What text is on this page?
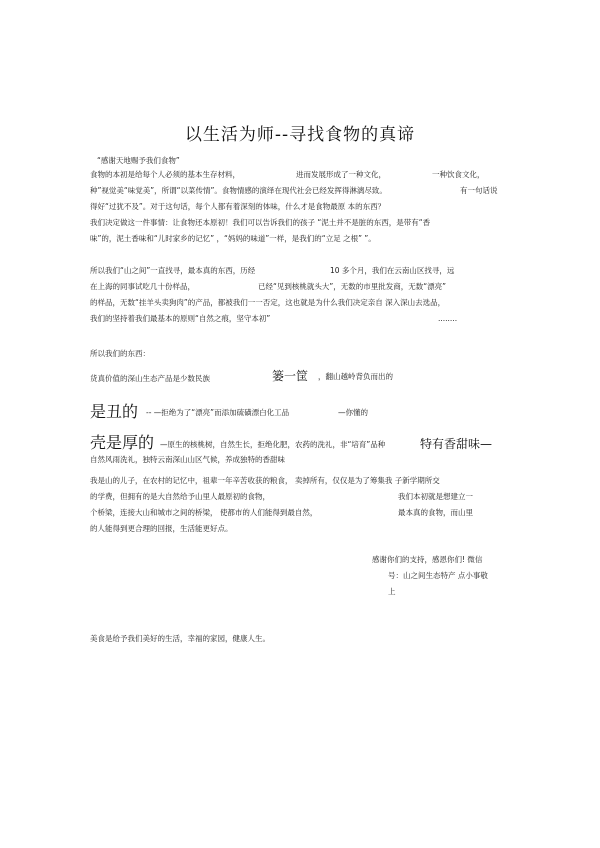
以生活为师--寻找食物的真谛
“感谢天地赐予我们食物”
食物的本初是给每个人必须的基本生存材料，	进而发展形成了一种文化，	一种饮食文化，
种”视觉美“味觉美”，所谓“以菜传情”。食物情感的演绎在现代社会已经发挥得淋漓尽致。	有一句话说
得好“过犹不及”。对于这句话，每个人都有着深刻的体味，什么才是食物最原 本的东西？
我们决定做这一件事情：让食物还本原初！我们可以告诉我们的孩子 “泥土并不是脏的东西，是带有“香
味”的，泥土香味和“儿时家乡的记忆” ，“妈妈的味道”一样，是我们的“立足 之根” ”。
所以我们“山之间”一直找寻，最本真的东西，历经	10 多个月，我们在云南山区找寻，远
在上海的同事试吃几十份样品，	已经“见到核桃就头大”，无数的市里批发商，无数“漂亮”
的样品，无数“挂羊头卖狗肉”的产品，都被我们一一否定，这也就是为什么我们决定亲自 深入深山去选品，
我们的坚持着我们最基本的原则“自然之痕，坚守本初”	........
所以我们的东西：
货真价值的深山生态产品是少数民族	篓一筐 ，翻山越岭背负而出的
是丑的 -- —拒绝为了“漂亮”而添加硫磺漂白化工品	—你懂的
壳是厚的 —原生的核桃树，自然生长，拒绝化肥，农药的洗礼，非“培育”品种	特有香甜味—
自然风雨洗礼，独特云南深山山区气候，养成独特的香甜味
我是山的儿子，在农村的记忆中，祖辈一年辛苦收获的粮食， 卖掉所有，仅仅是为了筹集我 子新学期所交
的学费，但拥有的是大自然给予山里人最原初的食物，	我们本初就是想建立一
个桥梁，连接大山和城市之间的桥梁， 使都市的人们能得到最自然，	最本真的食物，而山里
的人能得到更合理的回报，生活能更好点。
感谢你们的支持，感恩你们! 微信
号：山之间生态特产 点小事敬
上
美食是给予我们美好的生活，幸福的家园，健康人生。
